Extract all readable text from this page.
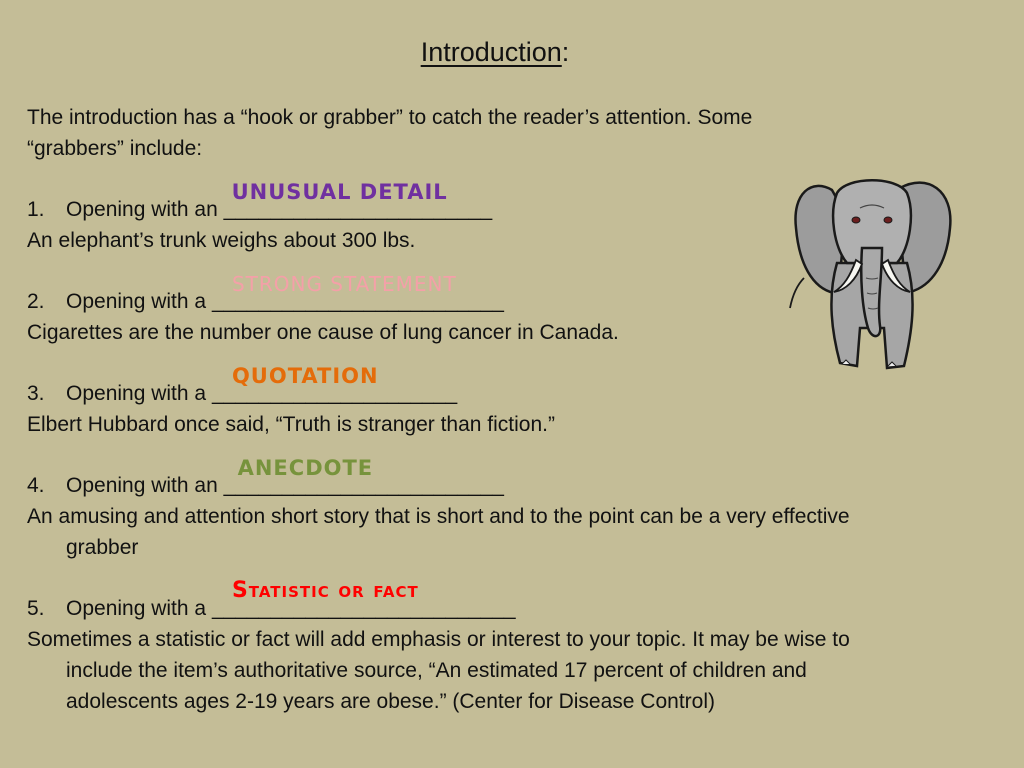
Introduction:
The introduction has a “hook or grabber” to catch the reader’s attention. Some
“grabbers” include:
1. Opening with an _______________________
UNUSUAL DETAIL
An elephant’s trunk weighs about 300 lbs.
2. Opening with a _________________________
STRONG STATEMENT
Cigarettes are the number one cause of lung cancer in Canada.
3. Opening with a _____________________
QUOTATION
Elbert Hubbard once said, “Truth is stranger than fiction.”
4. Opening with an ________________________
ANECDOTE
An amusing and attention short story that is short and to the point can be a very effective
grabber
5. Opening with a __________________________
Statistic or fact
Sometimes a statistic or fact will add emphasis or interest to your topic. It may be wise to
include the item’s authoritative source, “An estimated 17 percent of children and
adolescents ages 2-19 years are obese.” (Center for Disease Control)
